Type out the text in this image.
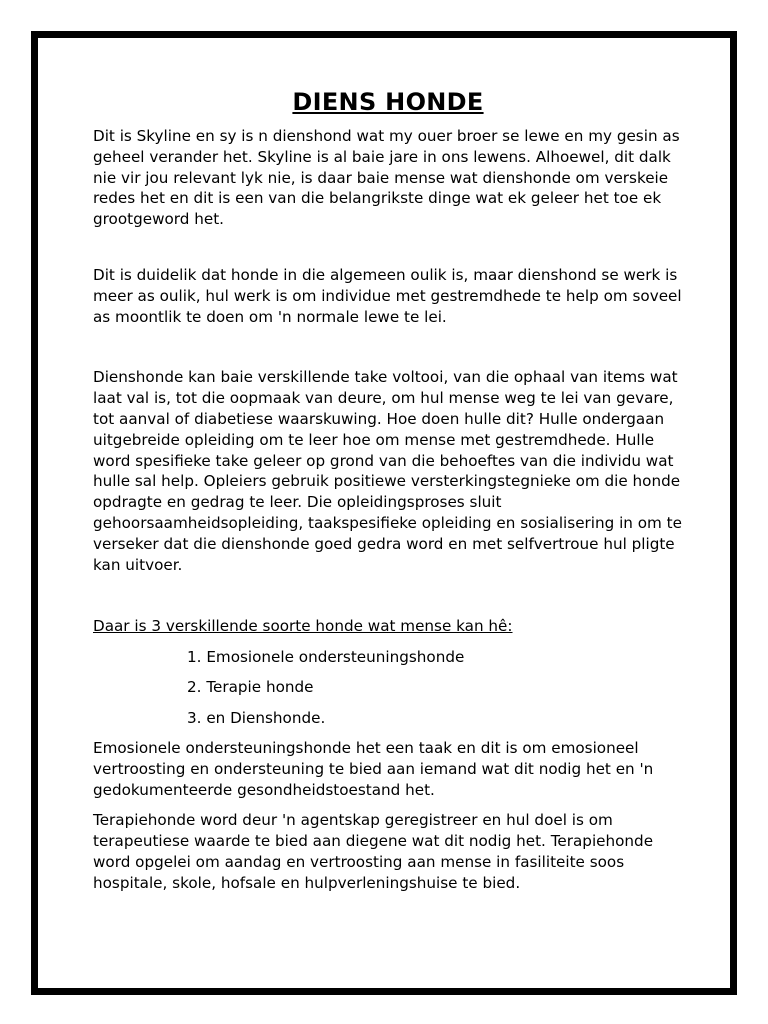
DIENS HONDE

Dit is Skyline en sy is n dienshond wat my ouer broer se lewe en my gesin as geheel verander het. Skyline is al baie jare in ons lewens. Alhoewel, dit dalk nie vir jou relevant lyk nie, is daar baie mense wat dienshonde om verskeie redes het en dit is een van die belangrikste dinge wat ek geleer het toe ek grootgeword het.

Dit is duidelik dat honde in die algemeen oulik is, maar dienshond se werk is meer as oulik, hul werk is om individue met gestremdhede te help om soveel as moontlik te doen om 'n normale lewe te lei.

Dienshonde kan baie verskillende take voltooi, van die ophaal van items wat laat val is, tot die oopmaak van deure, om hul mense weg te lei van gevare, tot aanval of diabetiese waarskuwing. Hoe doen hulle dit? Hulle ondergaan uitgebreide opleiding om te leer hoe om mense met gestremdhede. Hulle word spesifieke take geleer op grond van die behoeftes van die individu wat hulle sal help. Opleiers gebruik positiewe versterkingstegnieke om die honde opdragte en gedrag te leer. Die opleidingsproses sluit gehoorsaamheidsopleiding, taakspesifieke opleiding en sosialisering in om te verseker dat die dienshonde goed gedra word en met selfvertroue hul pligte kan uitvoer.

Daar is 3 verskillende soorte honde wat mense kan hê:

1. Emosionele ondersteuningshonde
2. Terapie honde
3. en Dienshonde.

Emosionele ondersteuningshonde het een taak en dit is om emosioneel vertroosting en ondersteuning te bied aan iemand wat dit nodig het en 'n gedokumenteerde gesondheidstoestand het.

Terapiehonde word deur 'n agentskap geregistreer en hul doel is om terapeutiese waarde te bied aan diegene wat dit nodig het. Terapiehonde word opgelei om aandag en vertroosting aan mense in fasiliteite soos hospitale, skole, hofsale en hulpverleningshuise te bied.
